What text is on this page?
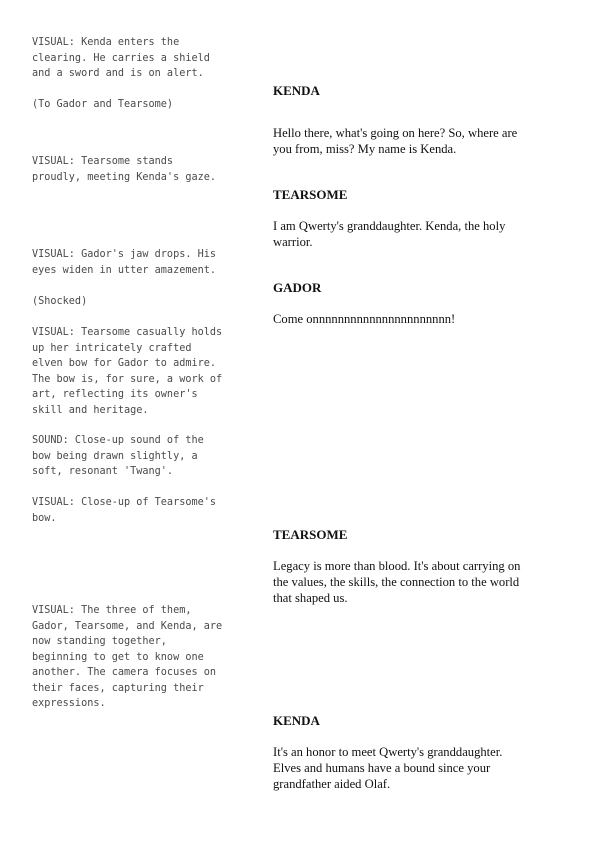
VISUAL: Kenda enters the
clearing. He carries a shield
and a sword and is on alert.
(To Gador and Tearsome)
VISUAL: Tearsome stands
proudly, meeting Kenda's gaze.
VISUAL: Gador's jaw drops. His
eyes widen in utter amazement.
(Shocked)
VISUAL: Tearsome casually holds
up her intricately crafted
elven bow for Gador to admire.
The bow is, for sure, a work of
art, reflecting its owner's
skill and heritage.
SOUND: Close-up sound of the
bow being drawn slightly, a
soft, resonant 'Twang'.
VISUAL: Close-up of Tearsome's
bow.
VISUAL: The three of them,
Gador, Tearsome, and Kenda, are
now standing together,
beginning to get to know one
another. The camera focuses on
their faces, capturing their
expressions.
KENDA
Hello there, what's going on here? So, where are
you from, miss? My name is Kenda.
TEARSOME
I am Qwerty's granddaughter. Kenda, the holy
warrior.
GADOR
Come onnnnnnnnnnnnnnnnnnnnnn!
TEARSOME
Legacy is more than blood. It's about carrying on
the values, the skills, the connection to the world
that shaped us.
KENDA
It's an honor to meet Qwerty's granddaughter.
Elves and humans have a bound since your
grandfather aided Olaf.
